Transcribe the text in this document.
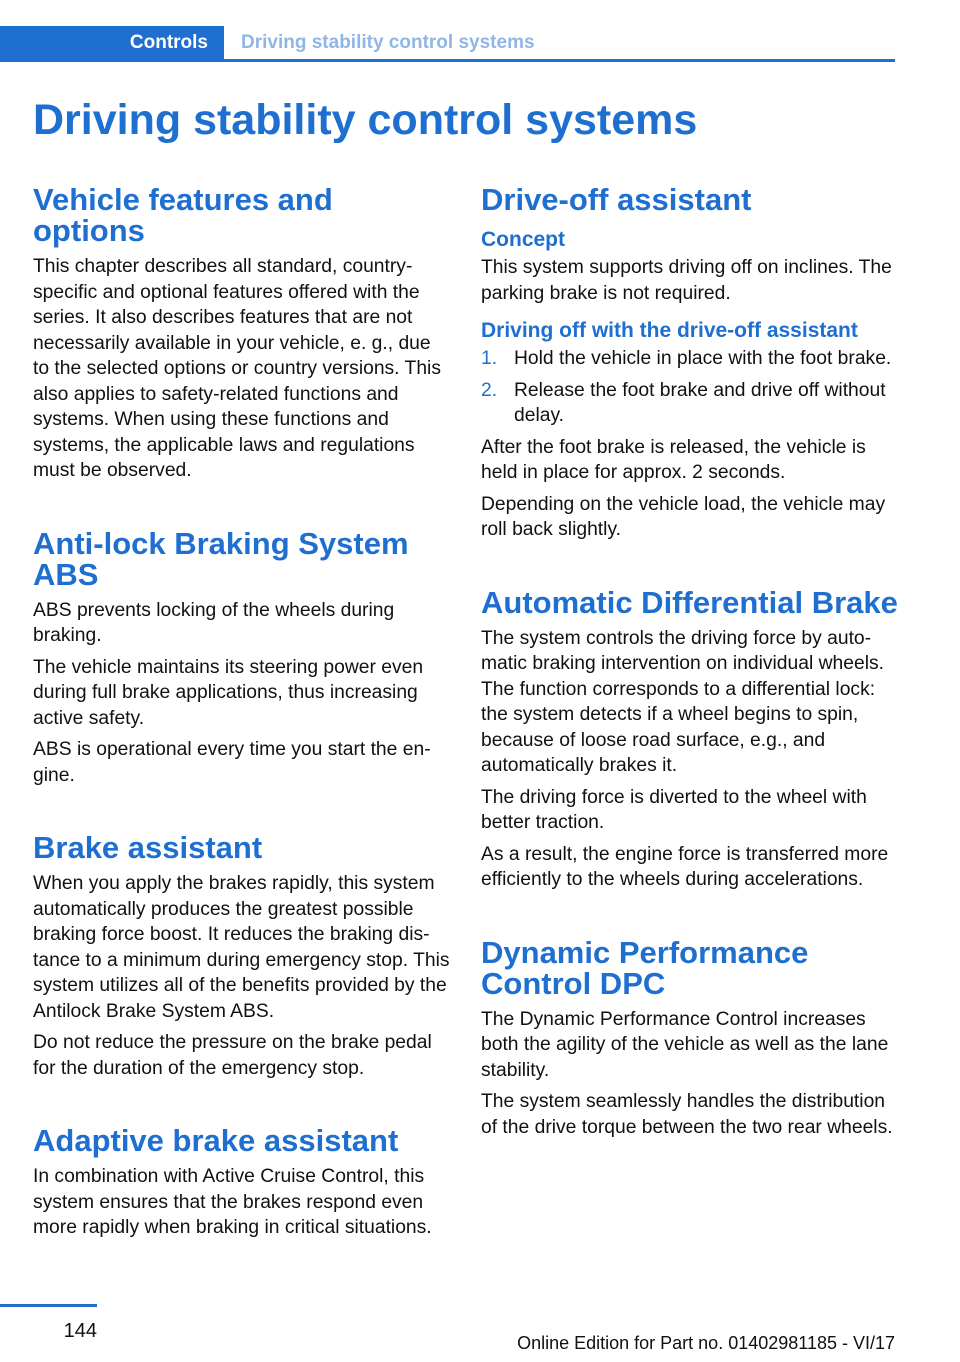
Controls	Driving stability control systems
Driving stability control systems
Vehicle features and options

This chapter describes all standard, country-specific and optional features offered with the series. It also describes features that are not necessarily available in your vehicle, e. g., due to the selected options or country versions. This also applies to safety-related functions and systems. When using these functions and systems, the applicable laws and regulations must be observed.

Anti-lock Braking System ABS

ABS prevents locking of the wheels during braking.

The vehicle maintains its steering power even during full brake applications, thus increasing active safety.

ABS is operational every time you start the engine.

Brake assistant

When you apply the brakes rapidly, this system automatically produces the greatest possible braking force boost. It reduces the braking distance to a minimum during emergency stop. This system utilizes all of the benefits provided by the Antilock Brake System ABS.

Do not reduce the pressure on the brake pedal for the duration of the emergency stop.

Adaptive brake assistant

In combination with Active Cruise Control, this system ensures that the brakes respond even more rapidly when braking in critical situations.

Drive-off assistant
Concept

This system supports driving off on inclines. The parking brake is not required.

Driving off with the drive-off assistant
1. Hold the vehicle in place with the foot brake.
2. Release the foot brake and drive off without delay.

After the foot brake is released, the vehicle is held in place for approx. 2 seconds.

Depending on the vehicle load, the vehicle may roll back slightly.

Automatic Differential Brake

The system controls the driving force by automatic braking intervention on individual wheels. The function corresponds to a differential lock: the system detects if a wheel begins to spin, because of loose road surface, e.g., and automatically brakes it.

The driving force is diverted to the wheel with better traction.

As a result, the engine force is transferred more efficiently to the wheels during accelerations.

Dynamic Performance Control DPC

The Dynamic Performance Control increases both the agility of the vehicle as well as the lane stability.

The system seamlessly handles the distribution of the drive torque between the two rear wheels.

144
Online Edition for Part no. 01402981185 - VI/17
